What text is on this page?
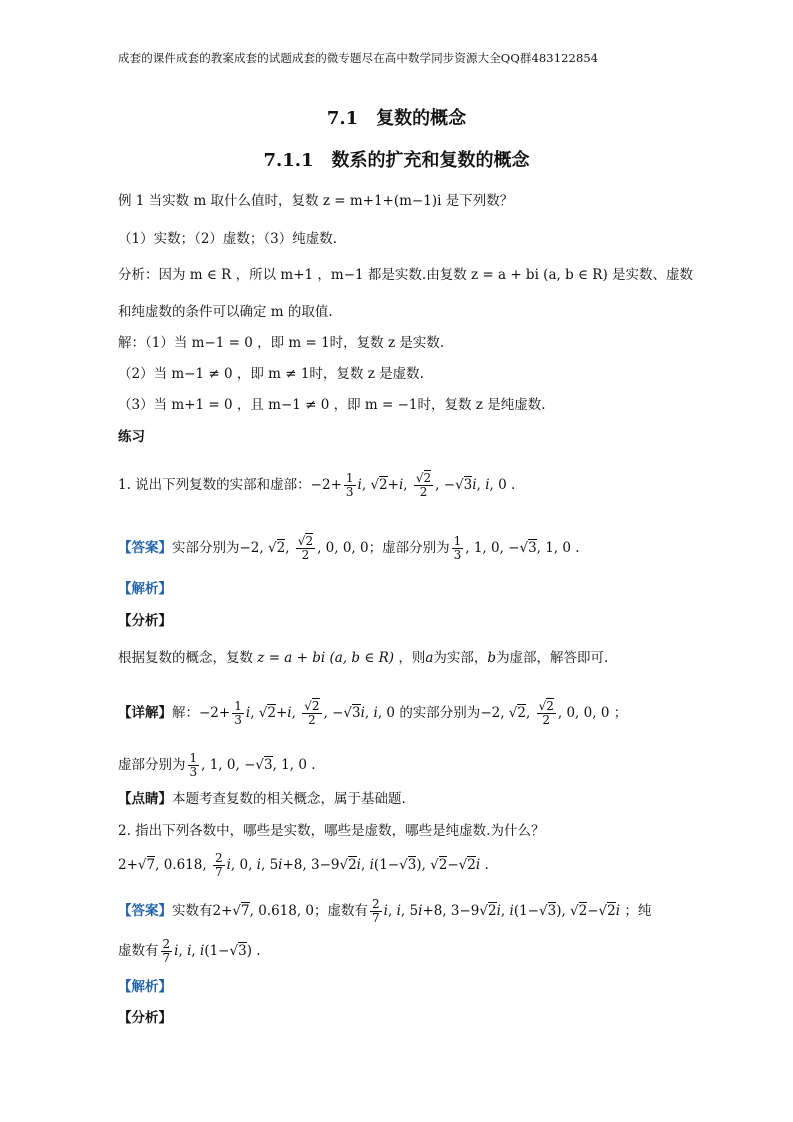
成套的课件成套的教案成套的试题成套的微专题尽在高中数学同步资源大全QQ群483122854
7.1　复数的概念
7.1.1　数系的扩充和复数的概念
例 1 当实数 m 取什么值时，复数 z = m+1+(m−1)i 是下列数？
（1）实数；（2）虚数；（3）纯虚数.
分析：因为 m ∈ R ，所以 m+1 ，m−1 都是实数.由复数 z = a + bi (a, b ∈ R) 是实数、虚数
和纯虚数的条件可以确定 m 的取值.
解：（1）当 m−1 = 0 ，即 m = 1时，复数 z 是实数.
（2）当 m−1 ≠ 0 ，即 m ≠ 1时，复数 z 是虚数.
（3）当 m+1 = 0 ，且 m−1 ≠ 0 ，即 m = −1时，复数 z 是纯虚数.
练习
1. 说出下列复数的实部和虚部：$-2+ \frac{1}{3} i$, √2+i, $\frac{√2}{2}$ , −√3i, i, 0 .
【答案】实部分别为−2, √2, $\frac{√2}{2}$ , 0, 0, 0；虚部分别为 $\frac{1}{3}$ , 1, 0, −√3, 1, 0 .
【解析】
【分析】
根据复数的概念，复数 z = a + bi (a, b ∈ R) ，则a为实部，b为虚部，解答即可.
【详解】解：$-2+ \frac{1}{3} i$, √2+i, $\frac{√2}{2}$ , −√3i, i, 0 的实部分别为−2, √2, $\frac{√2}{2}$ , 0, 0, 0 ；
虚部分别为 $\frac{1}{3}$ , 1, 0, −√3, 1, 0 .
【点睛】本题考查复数的相关概念，属于基础题.
2. 指出下列各数中，哪些是实数，哪些是虚数，哪些是纯虚数.为什么？
2+√7, 0.618, $\frac{2}{7} i$, 0, i, 5i+8, 3−9√2i, i(1−√3), √2−√2i .
【答案】实数有2+√7, 0.618, 0；虚数有 $\frac{2}{7} i$, i, 5i+8, 3−9√2i, i(1−√3), √2−√2i ；纯
虚数有 $\frac{2}{7} i$, i, i(1−√3) .
【解析】
【分析】
